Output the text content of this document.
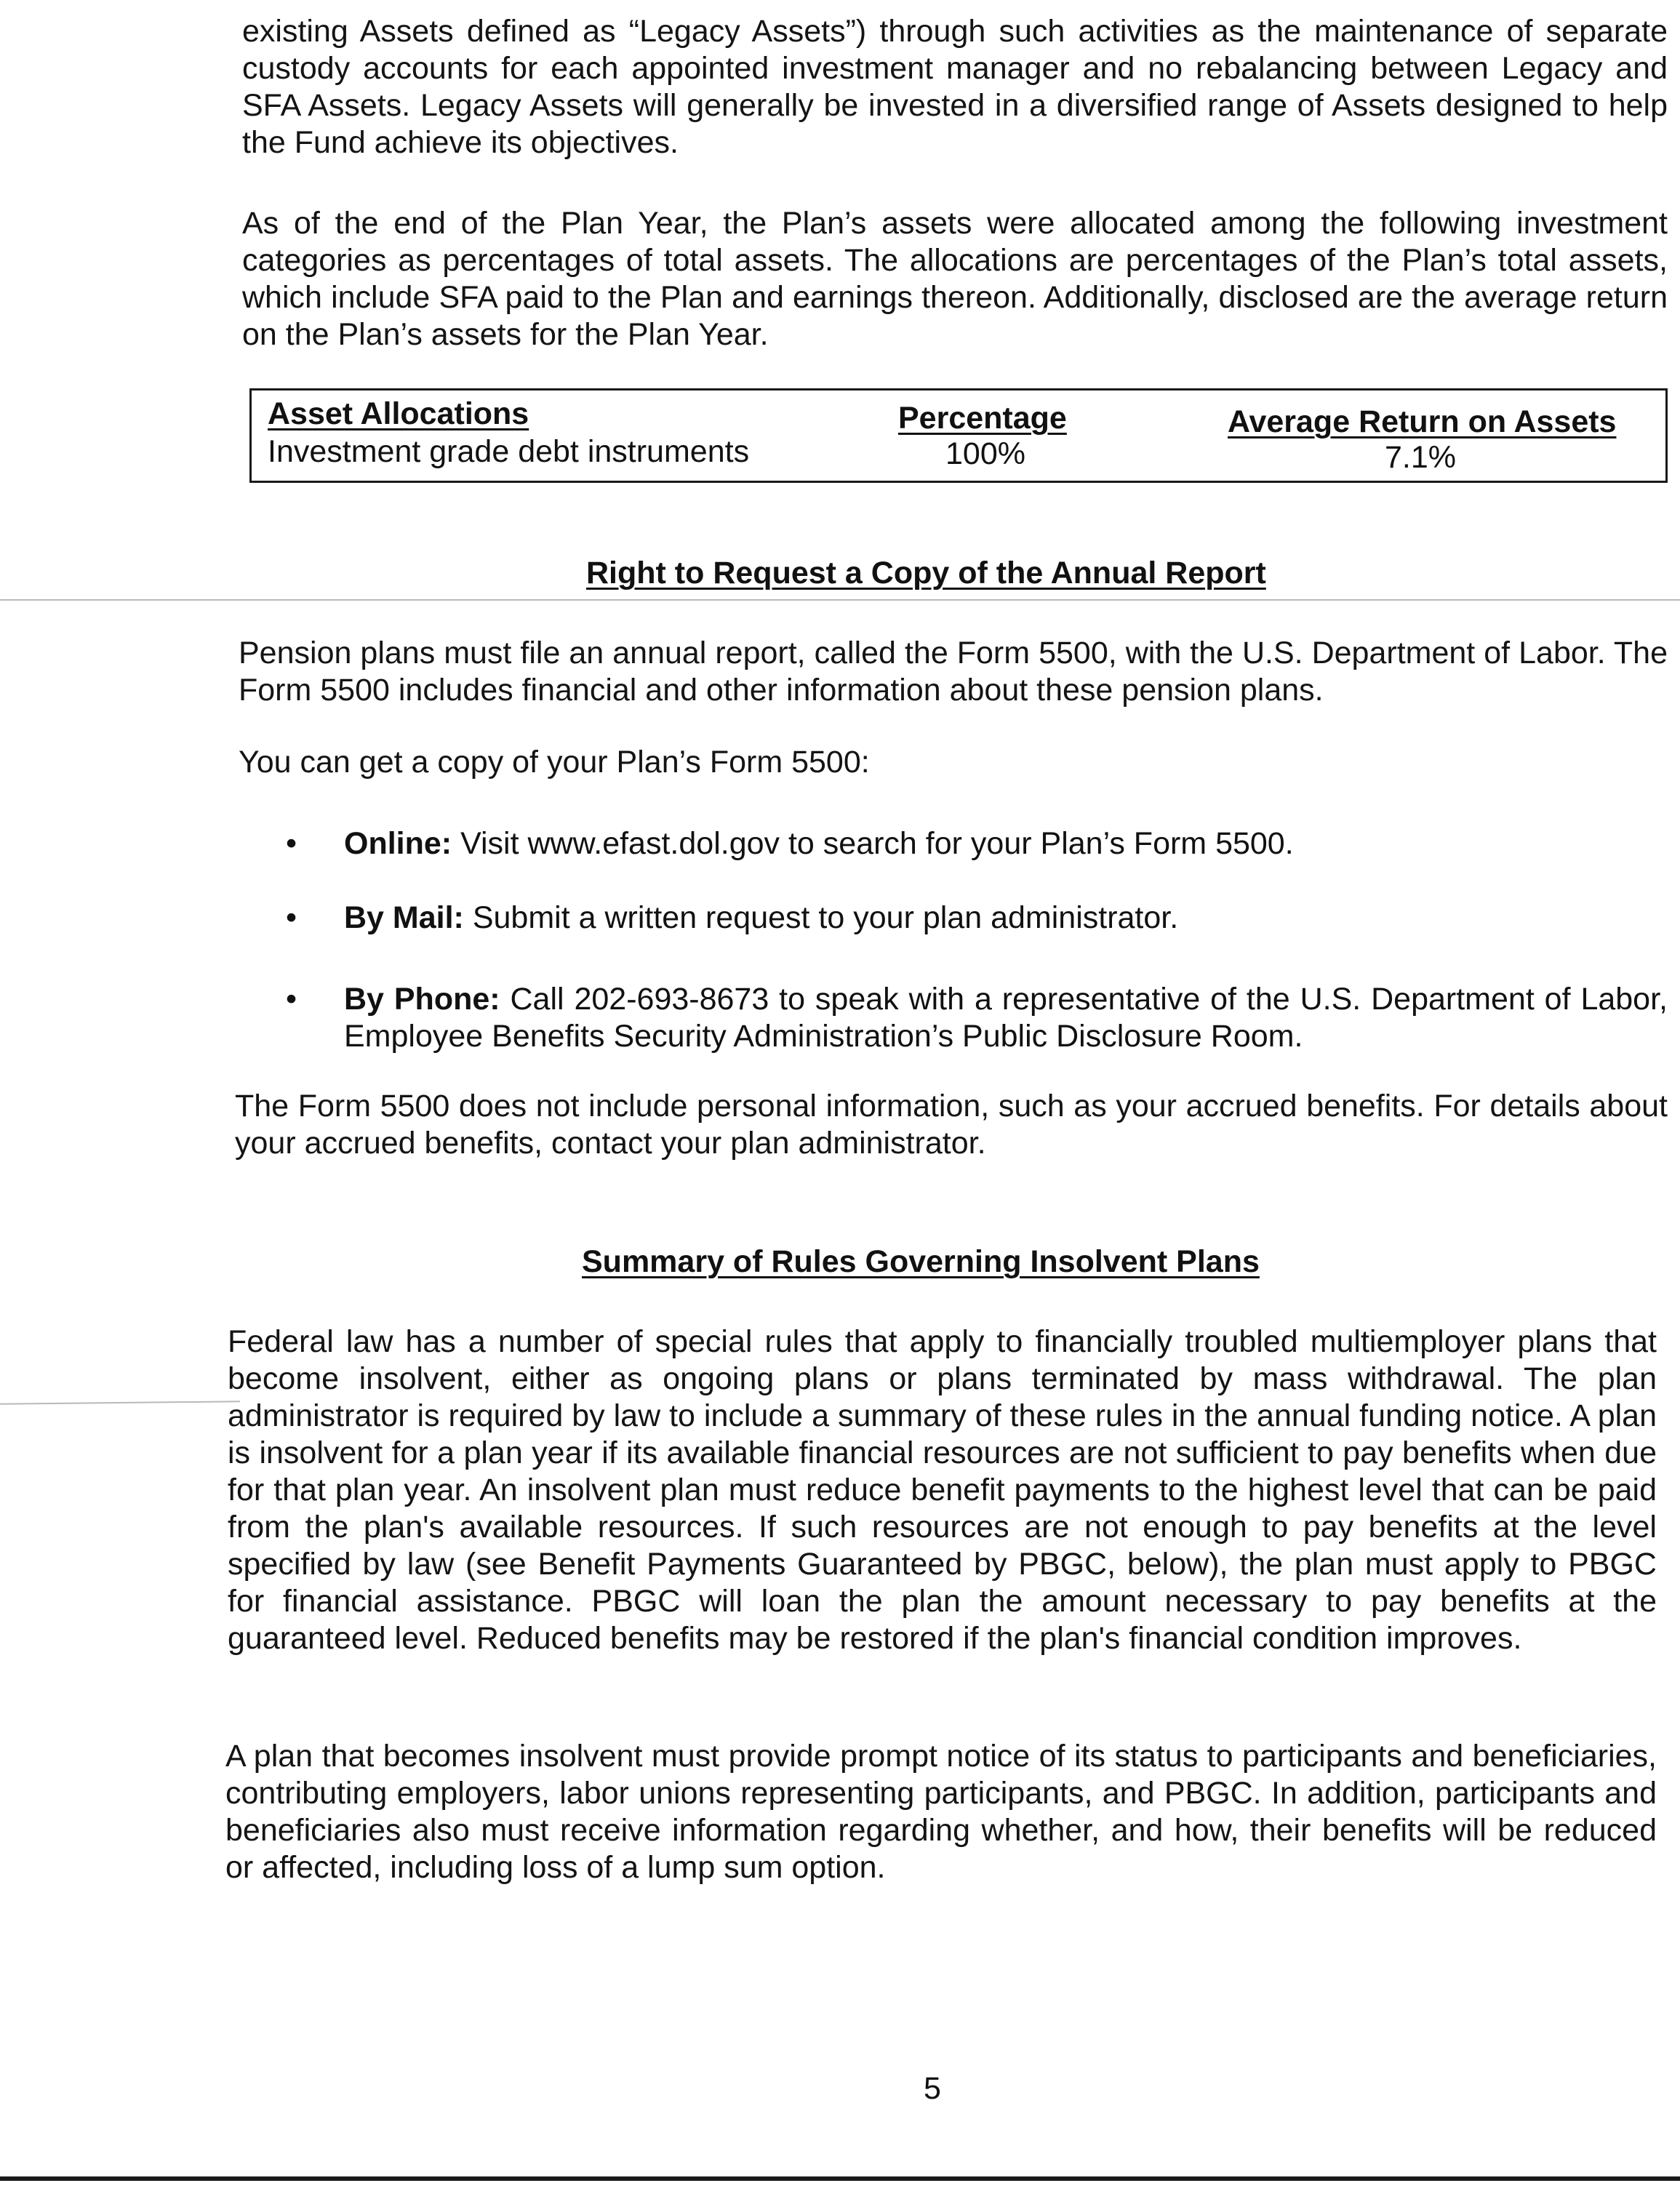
existing Assets defined as “Legacy Assets”) through such activities as the maintenance of separate custody accounts for each appointed investment manager and no rebalancing between Legacy and SFA Assets. Legacy Assets will generally be invested in a diversified range of Assets designed to help the Fund achieve its objectives.

As of the end of the Plan Year, the Plan’s assets were allocated among the following investment categories as percentages of total assets. The allocations are percentages of the Plan’s total assets, which include SFA paid to the Plan and earnings thereon. Additionally, disclosed are the average return on the Plan’s assets for the Plan Year.

Asset Allocations	Percentage	Average Return on Assets
Investment grade debt instruments	100%	7.1%
Right to Request a Copy of the Annual Report

Pension plans must file an annual report, called the Form 5500, with the U.S. Department of Labor. The Form 5500 includes financial and other information about these pension plans.

You can get a copy of your Plan’s Form 5500:

•	Online: Visit www.efast.dol.gov to search for your Plan’s Form 5500.
•	By Mail: Submit a written request to your plan administrator.
•	By Phone: Call 202-693-8673 to speak with a representative of the U.S. Department of Labor, Employee Benefits Security Administration’s Public Disclosure Room.

The Form 5500 does not include personal information, such as your accrued benefits. For details about your accrued benefits, contact your plan administrator.

Summary of Rules Governing Insolvent Plans

Federal law has a number of special rules that apply to financially troubled multiemployer plans that become insolvent, either as ongoing plans or plans terminated by mass withdrawal. The plan administrator is required by law to include a summary of these rules in the annual funding notice. A plan is insolvent for a plan year if its available financial resources are not sufficient to pay benefits when due for that plan year. An insolvent plan must reduce benefit payments to the highest level that can be paid from the plan's available resources. If such resources are not enough to pay benefits at the level specified by law (see Benefit Payments Guaranteed by PBGC, below), the plan must apply to PBGC for financial assistance. PBGC will loan the plan the amount necessary to pay benefits at the guaranteed level. Reduced benefits may be restored if the plan's financial condition improves.

A plan that becomes insolvent must provide prompt notice of its status to participants and beneficiaries, contributing employers, labor unions representing participants, and PBGC. In addition, participants and beneficiaries also must receive information regarding whether, and how, their benefits will be reduced or affected, including loss of a lump sum option.

5
